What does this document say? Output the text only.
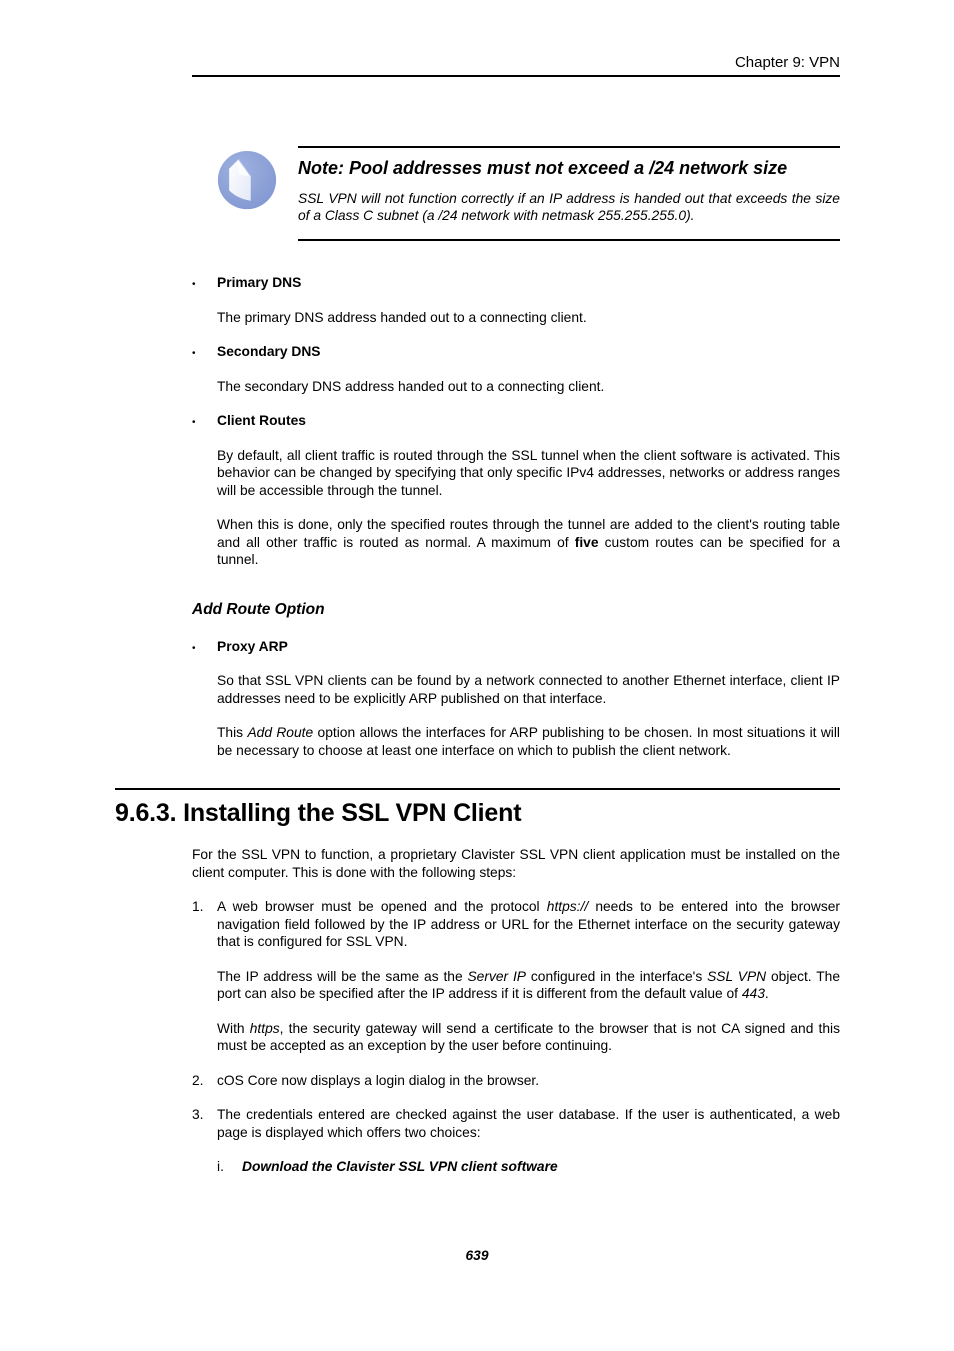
Chapter 9: VPN

Note: Pool addresses must not exceed a /24 network size

SSL VPN will not function correctly if an IP address is handed out that exceeds the size of a Class C subnet (a /24 network with netmask 255.255.255.0).

•	Primary DNS

The primary DNS address handed out to a connecting client.

•	Secondary DNS

The secondary DNS address handed out to a connecting client.

•	Client Routes

By default, all client traffic is routed through the SSL tunnel when the client software is activated. This behavior can be changed by specifying that only specific IPv4 addresses, networks or address ranges will be accessible through the tunnel.

When this is done, only the specified routes through the tunnel are added to the client's routing table and all other traffic is routed as normal. A maximum of five custom routes can be specified for a tunnel.

Add Route Option

•	Proxy ARP

So that SSL VPN clients can be found by a network connected to another Ethernet interface, client IP addresses need to be explicitly ARP published on that interface.

This Add Route option allows the interfaces for ARP publishing to be chosen. In most situations it will be necessary to choose at least one interface on which to publish the client network.

9.6.3. Installing the SSL VPN Client

For the SSL VPN to function, a proprietary Clavister SSL VPN client application must be installed on the client computer. This is done with the following steps:

1. A web browser must be opened and the protocol https:// needs to be entered into the browser navigation field followed by the IP address or URL for the Ethernet interface on the security gateway that is configured for SSL VPN.

The IP address will be the same as the Server IP configured in the interface's SSL VPN object. The port can also be specified after the IP address if it is different from the default value of 443.

With https, the security gateway will send a certificate to the browser that is not CA signed and this must be accepted as an exception by the user before continuing.

2. cOS Core now displays a login dialog in the browser.

3. The credentials entered are checked against the user database. If the user is authenticated, a web page is displayed which offers two choices:

i.	Download the Clavister SSL VPN client software

639
